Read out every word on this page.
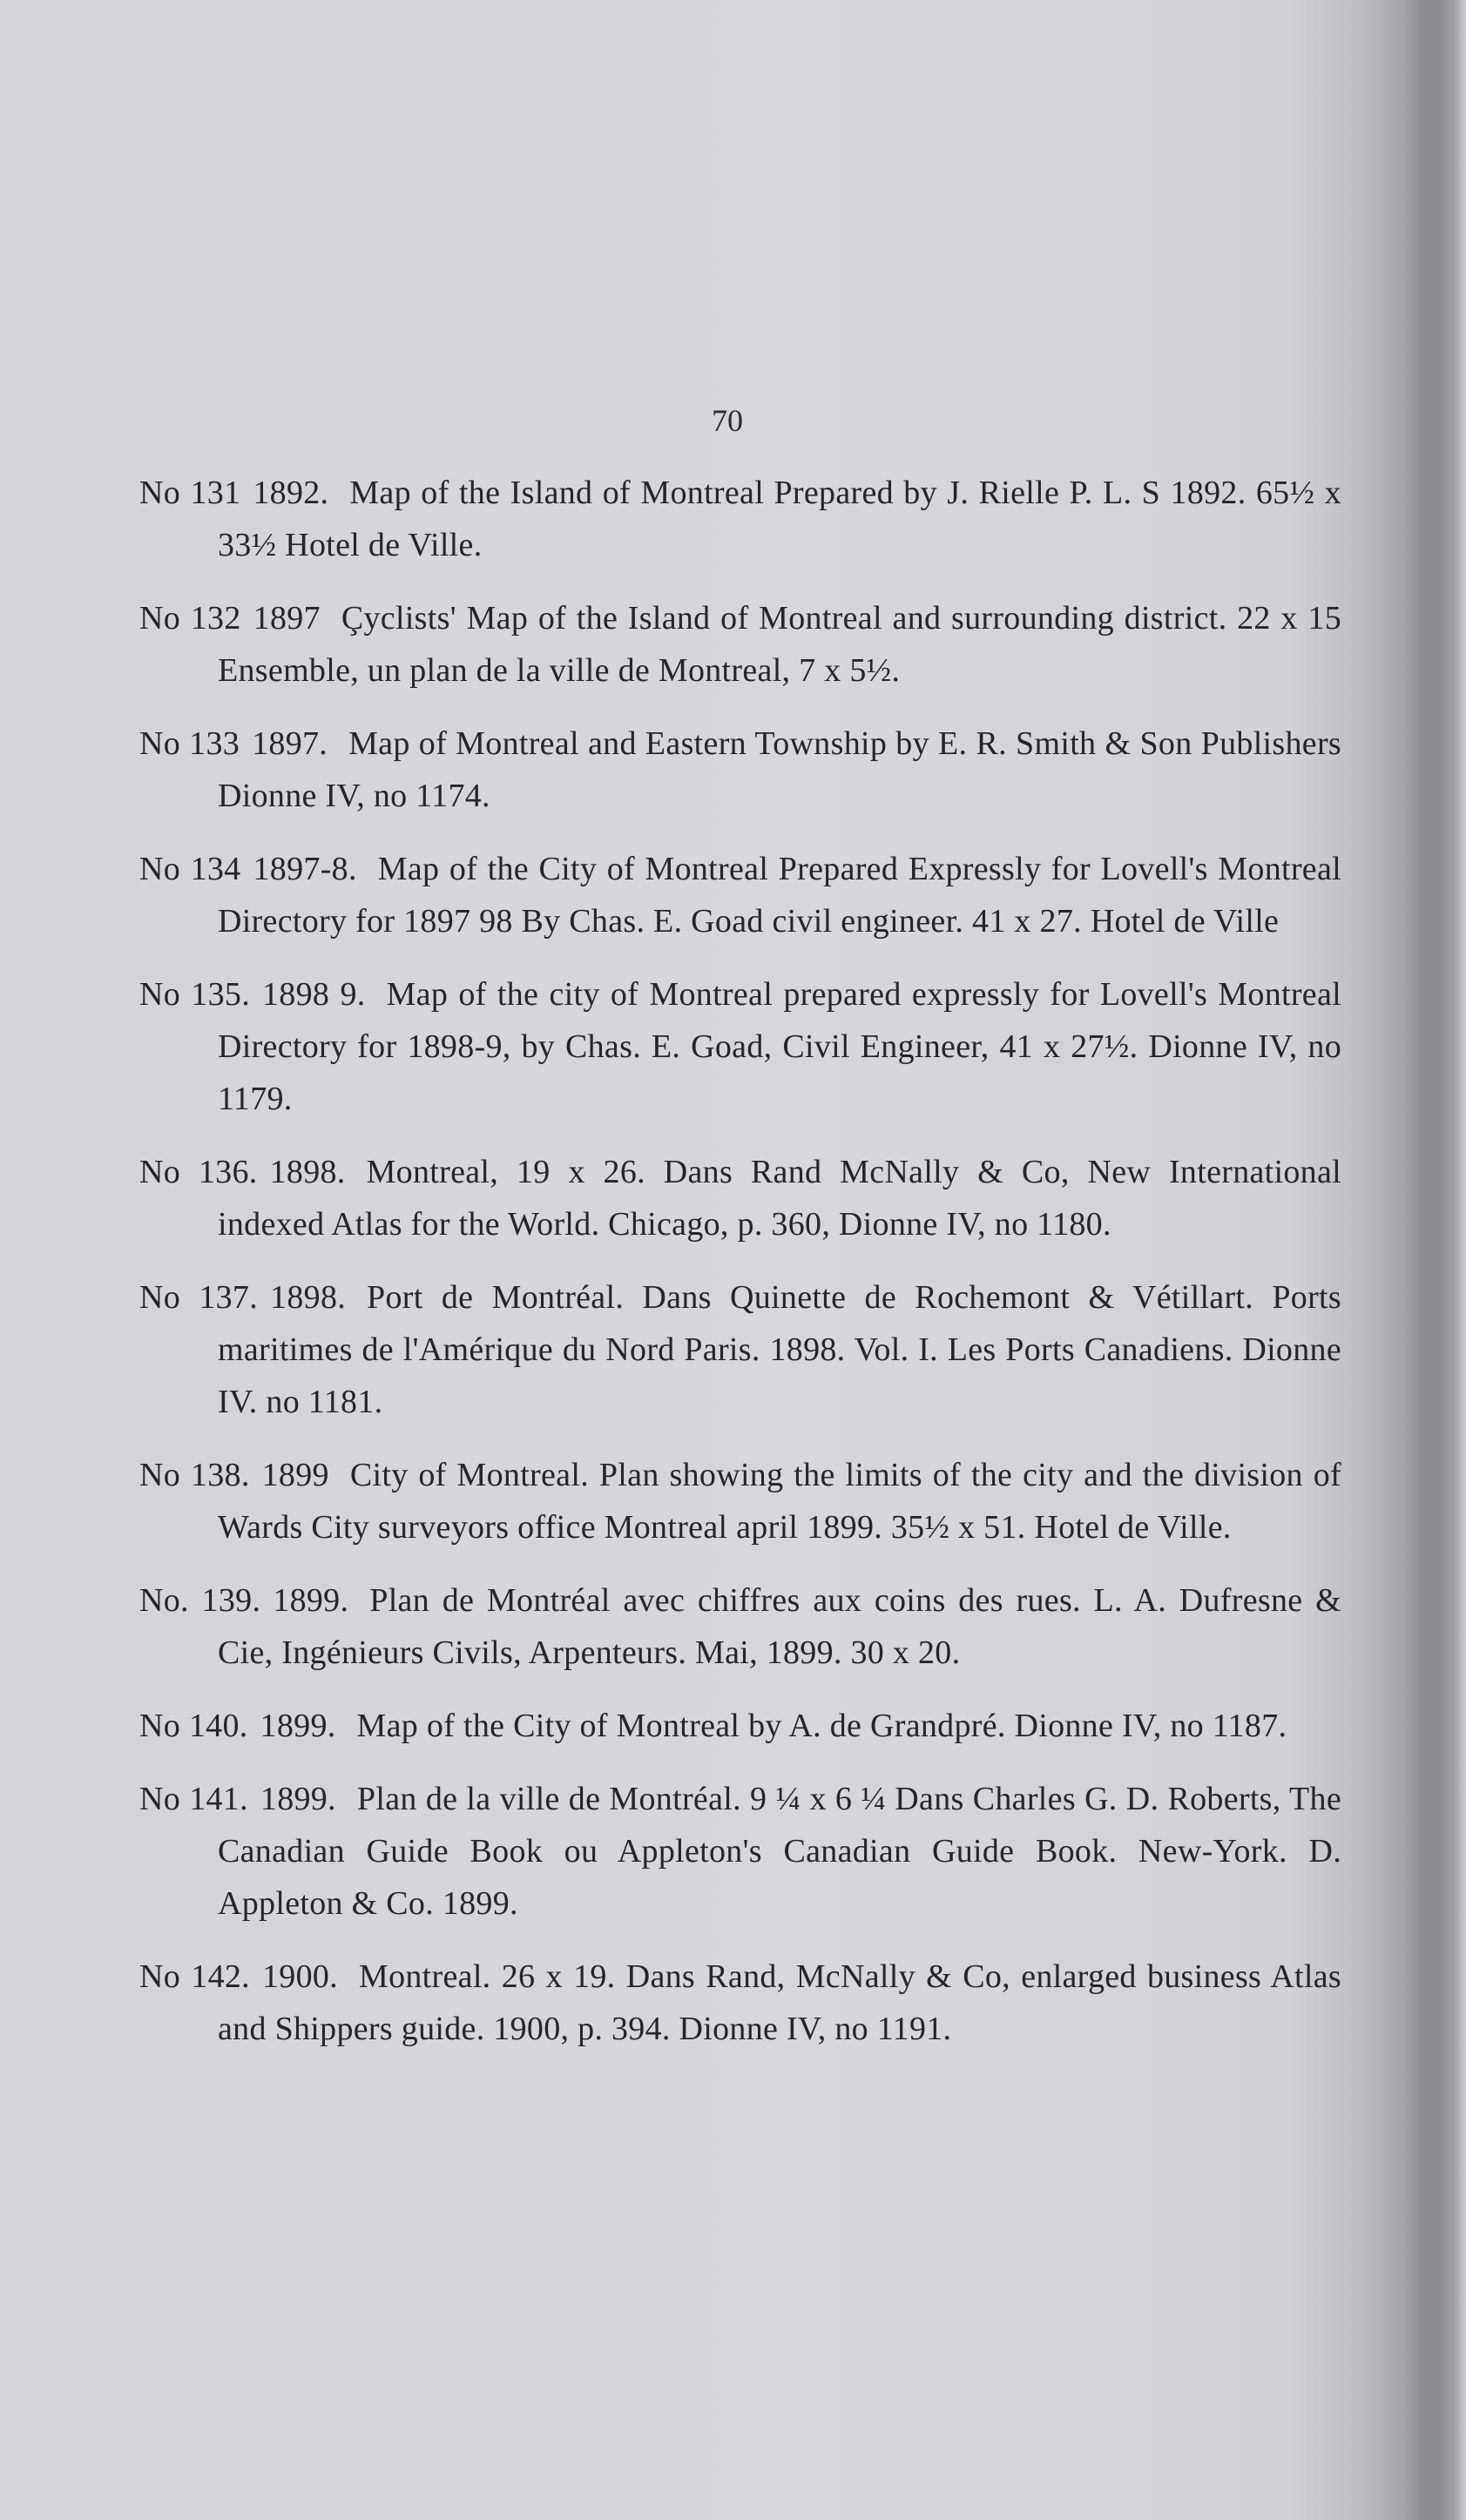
70
No 131 1892. Map of the Island of Montreal Prepared by J. Rielle P. L. S 1892. 65½ x 33½ Hotel de Ville.
No 132 1897 Çyclists' Map of the Island of Montreal and surrounding district. 22 x 15 Ensemble, un plan de la ville de Montreal, 7 x 5½.
No 133 1897. Map of Montreal and Eastern Township by E. R. Smith & Son Publishers Dionne IV, no 1174.
No 134 1897-8. Map of the City of Montreal Prepared Expressly for Lovell's Montreal Directory for 1897 98 By Chas. E. Goad civil engineer. 41 x 27. Hotel de Ville
No 135. 1898 9. Map of the city of Montreal prepared expressly for Lovell's Montreal Directory for 1898-9, by Chas. E. Goad, Civil Engineer, 41 x 27½. Dionne IV, no 1179.
No 136. 1898. Montreal, 19 x 26. Dans Rand McNally & Co, New International indexed Atlas for the World. Chicago, p. 360, Dionne IV, no 1180.
No 137. 1898. Port de Montréal. Dans Quinette de Rochemont & Vétillart. Ports maritimes de l'Amérique du Nord Paris. 1898. Vol. I. Les Ports Canadiens. Dionne IV. no 1181.
No 138. 1899 City of Montreal. Plan showing the limits of the city and the division of Wards City surveyors office Montreal april 1899. 35½ x 51. Hotel de Ville.
No. 139. 1899. Plan de Montréal avec chiffres aux coins des rues. L. A. Dufresne & Cie, Ingénieurs Civils, Arpenteurs. Mai, 1899. 30 x 20.
No 140. 1899. Map of the City of Montreal by A. de Grandpré. Dionne IV, no 1187.
No 141. 1899. Plan de la ville de Montréal. 9 ¼ x 6 ¼ Dans Charles G. D. Roberts, The Canadian Guide Book ou Appleton's Canadian Guide Book. New-York. D. Appleton & Co. 1899.
No 142. 1900. Montreal. 26 x 19. Dans Rand, McNally & Co, enlarged business Atlas and Shippers guide. 1900, p. 394. Dionne IV, no 1191.
